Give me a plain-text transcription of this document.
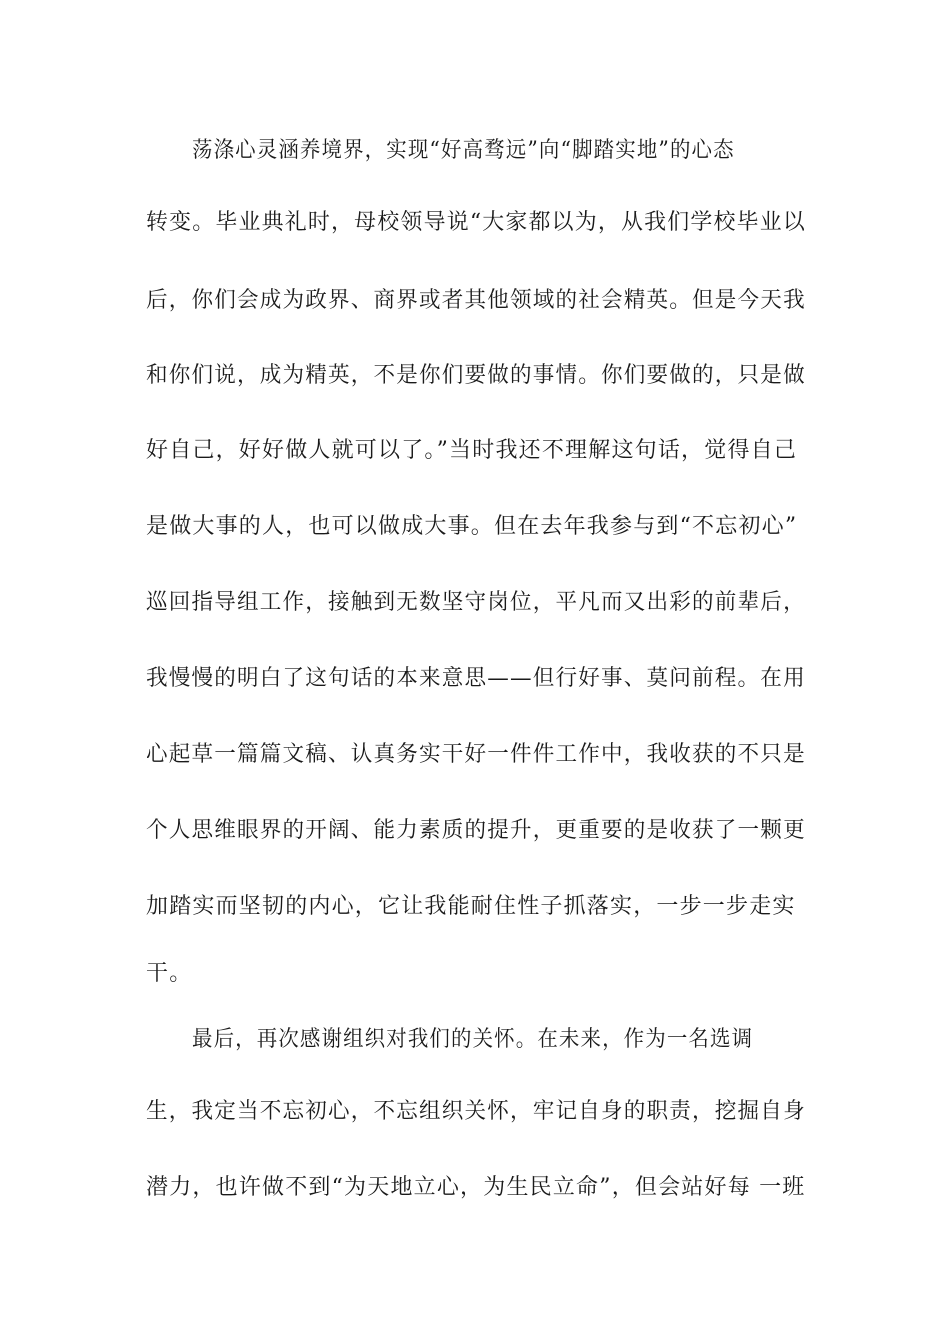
荡涤心灵涵养境界，实现“好高骛远”向“脚踏实地”的心态
转变。毕业典礼时，母校领导说“大家都以为，从我们学校毕业以
后，你们会成为政界、商界或者其他领域的社会精英。但是今天我
和你们说，成为精英，不是你们要做的事情。你们要做的，只是做
好自己，好好做人就可以了。”当时我还不理解这句话，觉得自己
是做大事的人，也可以做成大事。但在去年我参与到“不忘初心”
巡回指导组工作，接触到无数坚守岗位，平凡而又出彩的前辈后，
我慢慢的明白了这句话的本来意思——但行好事、莫问前程。在用
心起草一篇篇文稿、认真务实干好一件件工作中，我收获的不只是
个人思维眼界的开阔、能力素质的提升，更重要的是收获了一颗更
加踏实而坚韧的内心，它让我能耐住性子抓落实，一步一步走实
干。
最后，再次感谢组织对我们的关怀。在未来，作为一名选调
生，我定当不忘初心，不忘组织关怀，牢记自身的职责，挖掘自身
潜力，也许做不到“为天地立心，为生民立命”，但会站好每 一班
